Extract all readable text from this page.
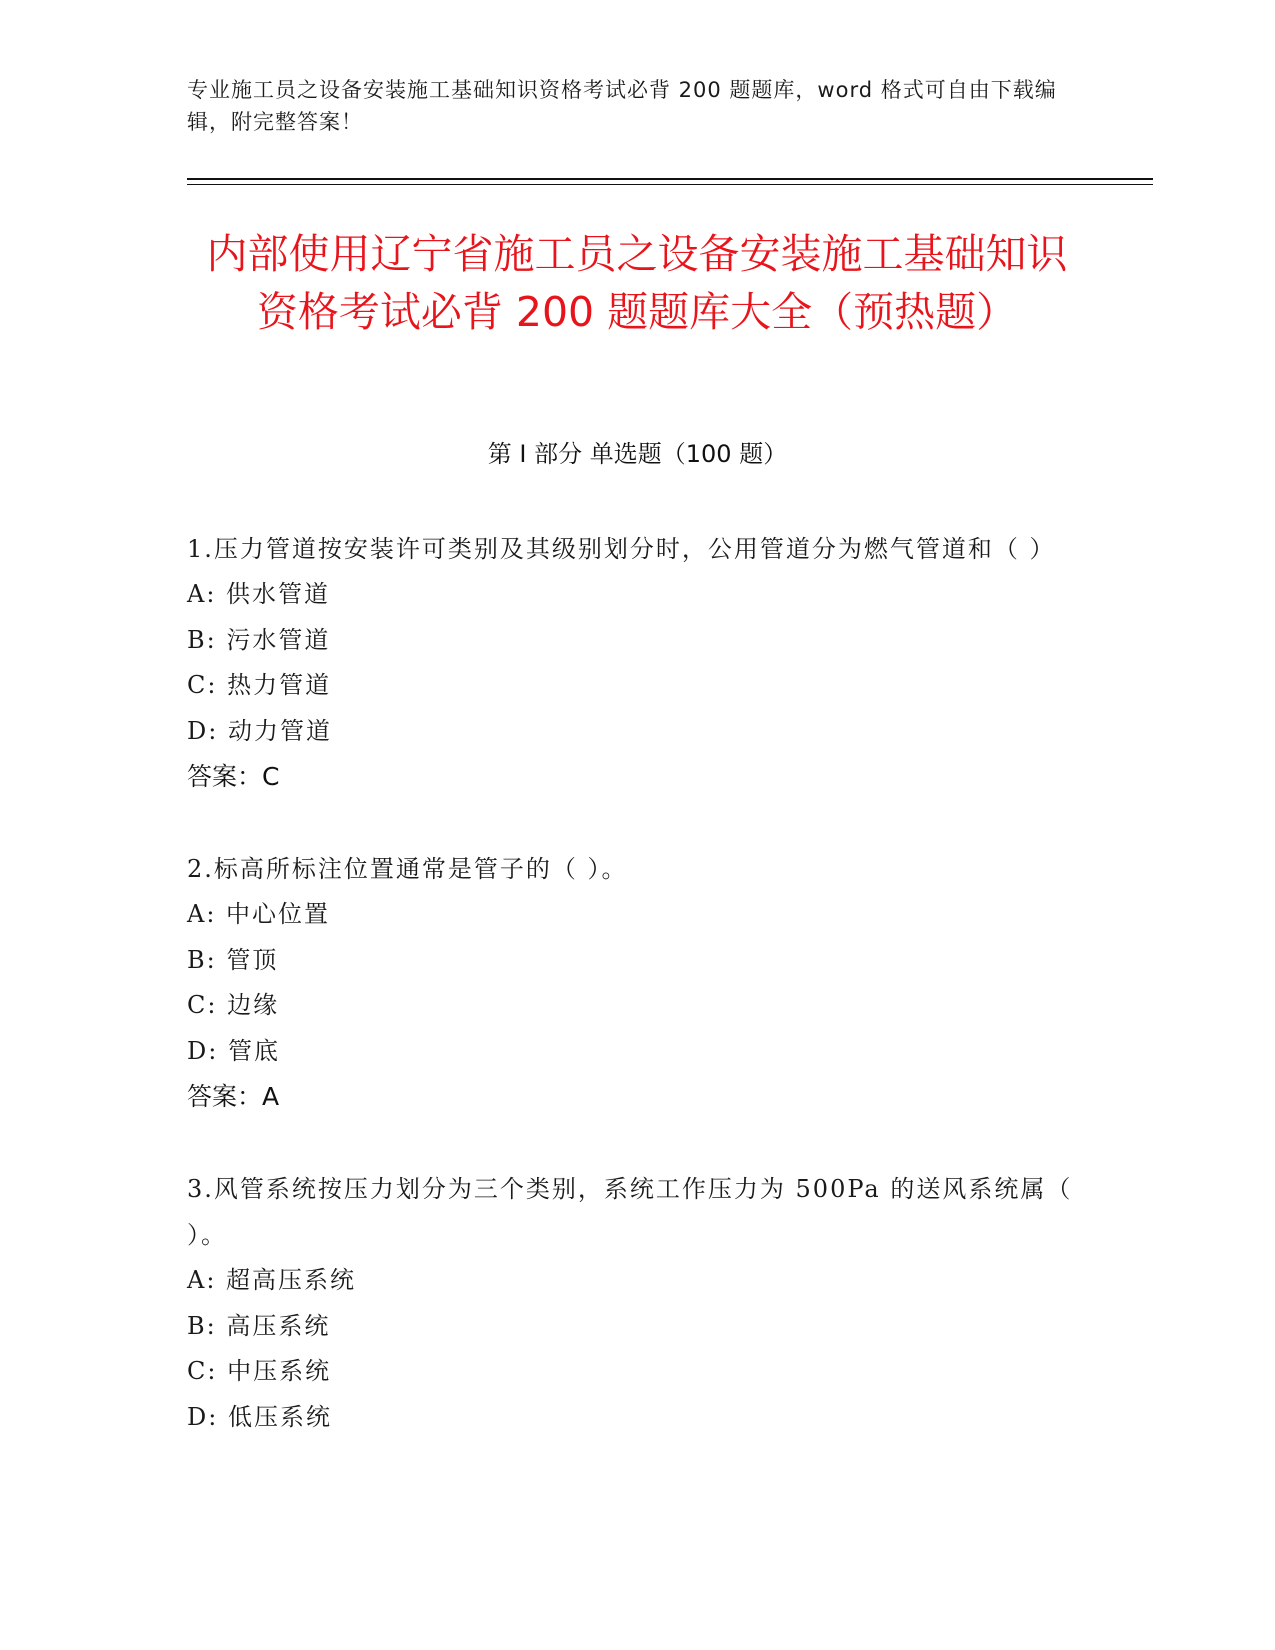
专业施工员之设备安装施工基础知识资格考试必背 200 题题库，word 格式可自由下载编辑，附完整答案！
内部使用辽宁省施工员之设备安装施工基础知识资格考试必背 200 题题库大全（预热题）
第 I 部分 单选题（100 题）
1.压力管道按安装许可类别及其级别划分时，公用管道分为燃气管道和（ ）
A: 供水管道
B: 污水管道
C: 热力管道
D: 动力管道
答案：C
2.标高所标注位置通常是管子的（ ）。
A: 中心位置
B: 管顶
C: 边缘
D: 管底
答案：A
3.风管系统按压力划分为三个类别，系统工作压力为 500Pa 的送风系统属（ ）。
A: 超高压系统
B: 高压系统
C: 中压系统
D: 低压系统
